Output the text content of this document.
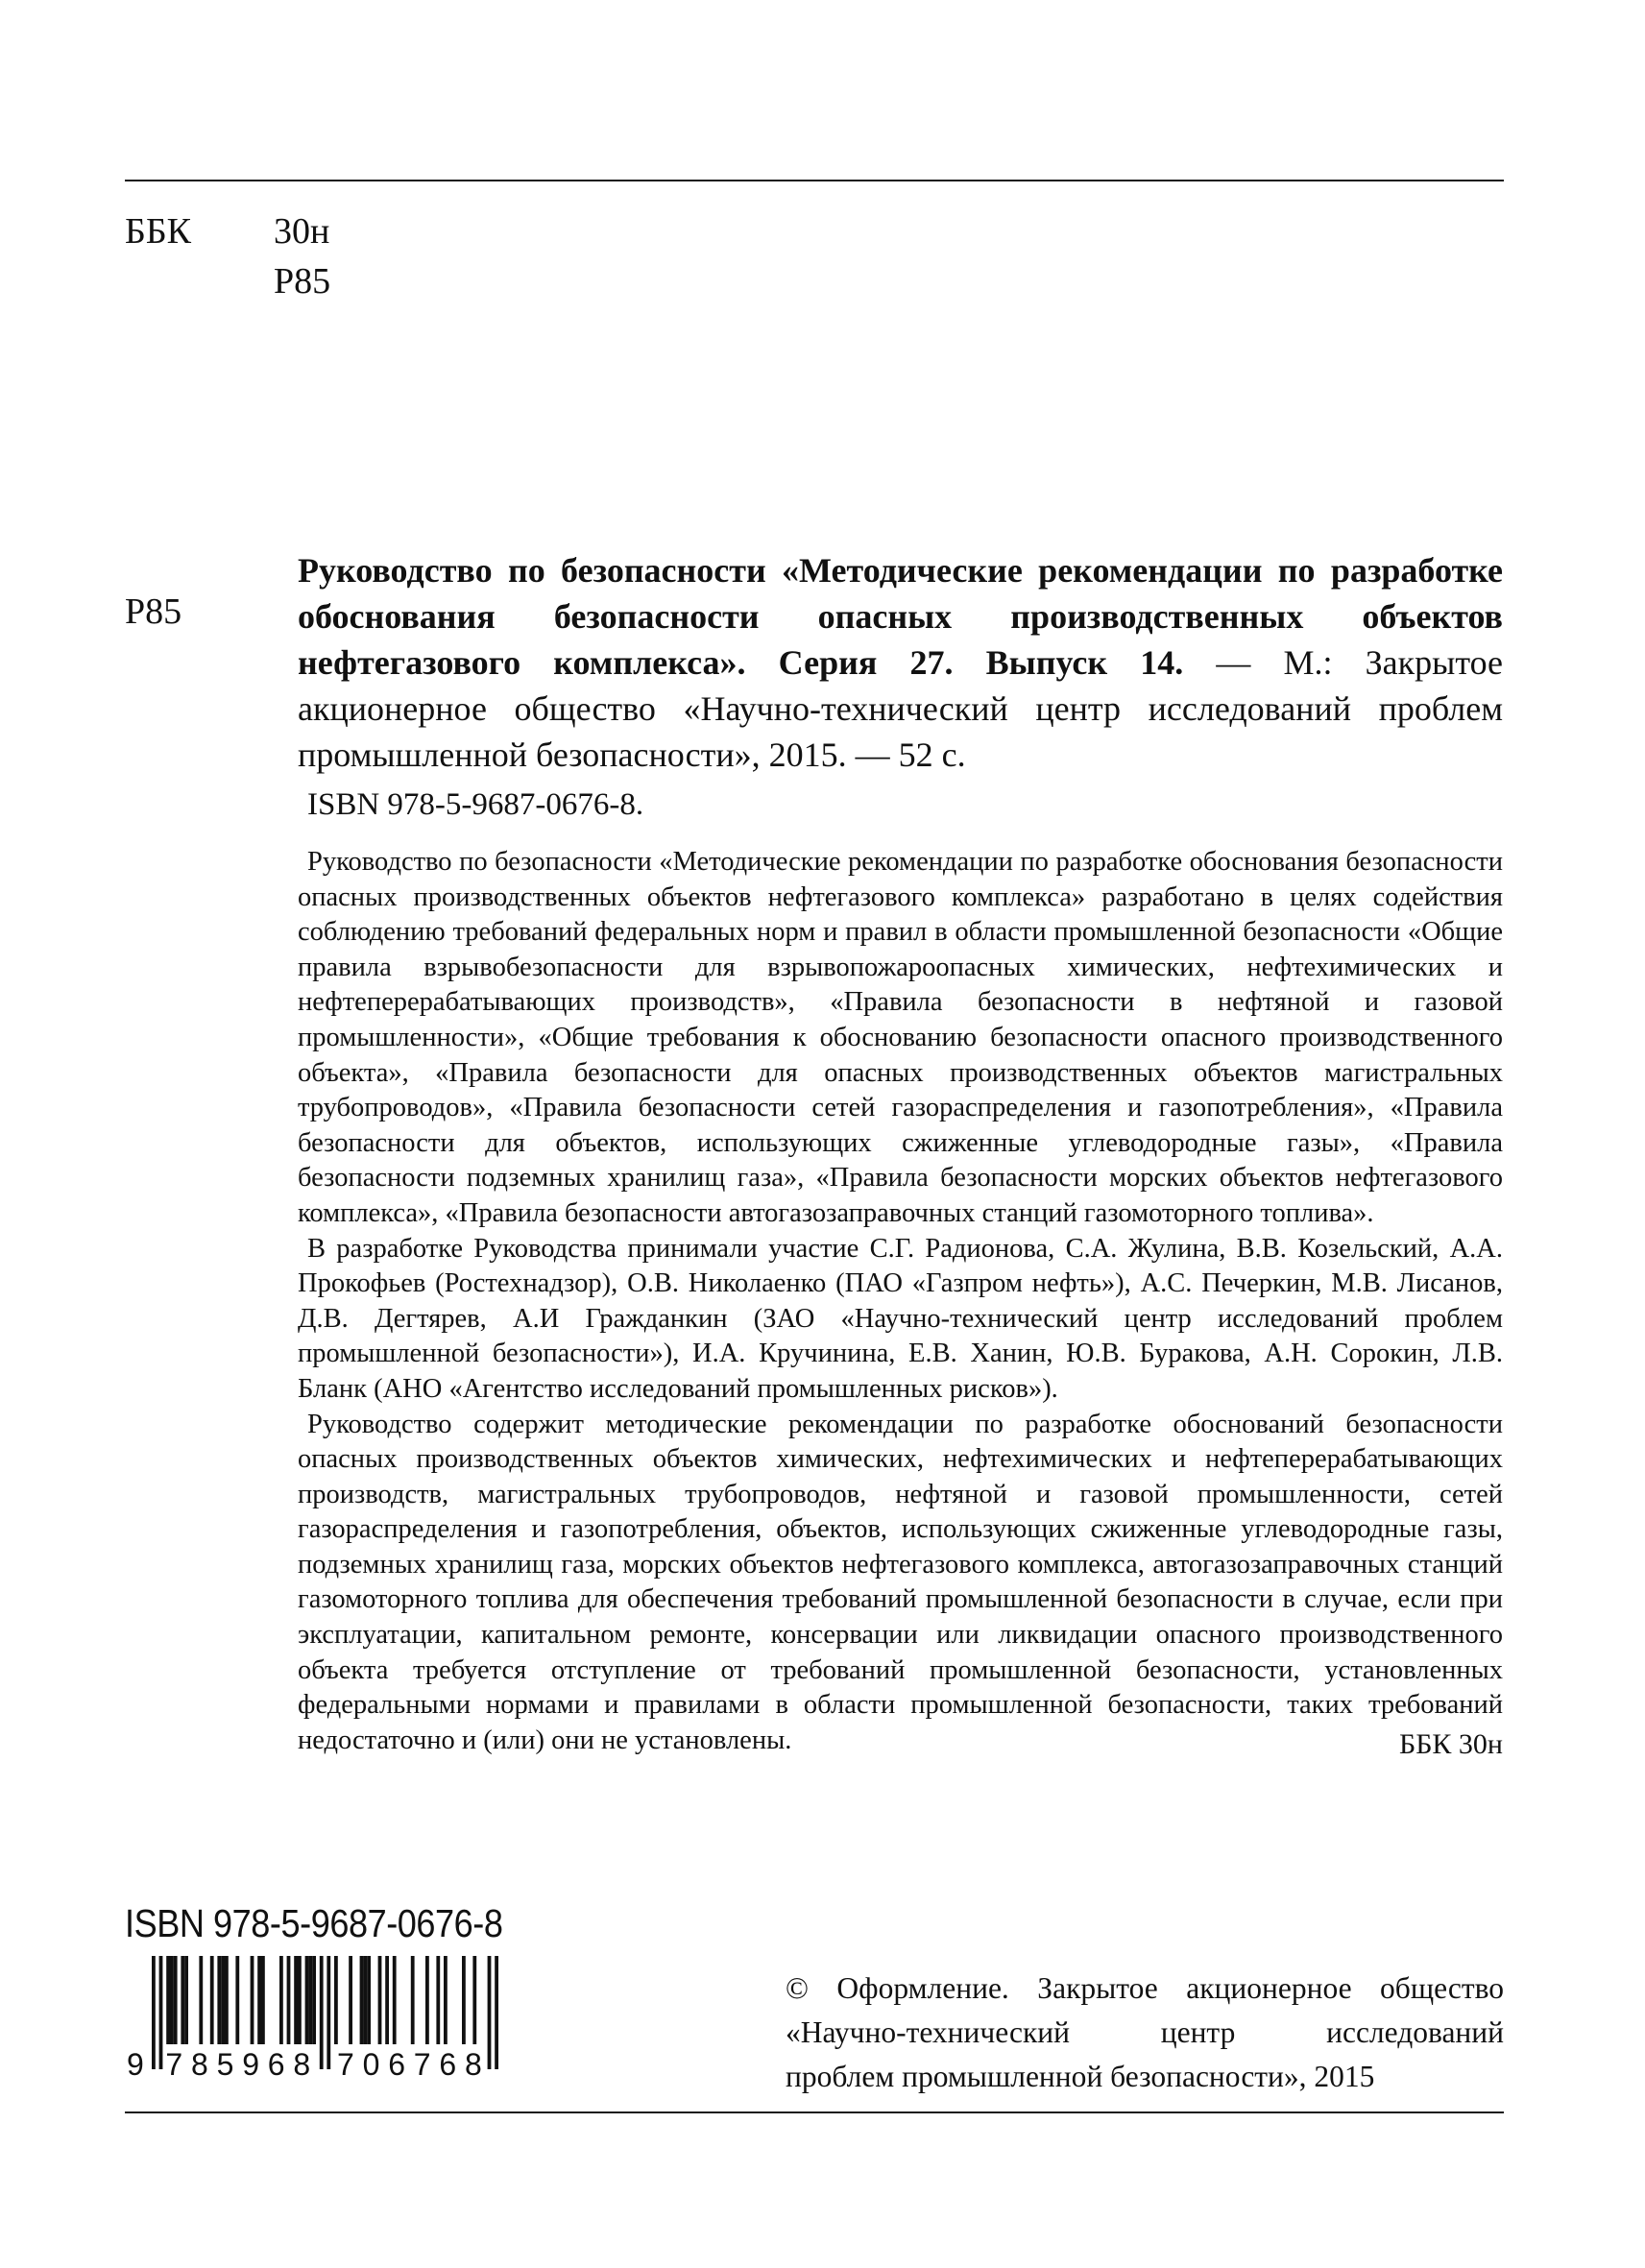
ББК 30н
Р85
Р85
Руководство по безопасности «Методические рекомендации по разработке обоснования безопасности опасных производственных объектов нефтегазового комплекса». Серия 27. Выпуск 14. — М.: Закрытое акционерное общество «Научно-технический центр исследований проблем промышленной безопасности», 2015. — 52 с.
ISBN 978-5-9687-0676-8.

Руководство по безопасности «Методические рекомендации по разработке обоснования безопасности опасных производственных объектов нефтегазового комплекса» разработано в целях содействия соблюдению требований федеральных норм и правил в области промышленной безопасности «Общие правила взрывобезопасности для взрывопожароопасных химических, нефтехимических и нефтеперерабатывающих производств», «Правила безопасности в нефтяной и газовой промышленности», «Общие требования к обоснованию безопасности опасного производственного объекта», «Правила безопасности для опасных производственных объектов магистральных трубопроводов», «Правила безопасности сетей газораспределения и газопотребления», «Правила безопасности для объектов, использующих сжиженные углеводородные газы», «Правила безопасности подземных хранилищ газа», «Правила безопасности морских объектов нефтегазового комплекса», «Правила безопасности автогазозаправочных станций газомоторного топлива».

В разработке Руководства принимали участие С.Г. Радионова, С.А. Жулина, В.В. Козельский, А.А. Прокофьев (Ростехнадзор), О.В. Николаенко (ПАО «Газпром нефть»), А.С. Печеркин, М.В. Лисанов, Д.В. Дегтярев, А.И Гражданкин (ЗАО «Научно-технический центр исследований проблем промышленной безопасности»), И.А. Кручинина, Е.В. Ханин, Ю.В. Буракова, А.Н. Сорокин, Л.В. Бланк (АНО «Агентство исследований промышленных рисков»).

Руководство содержит методические рекомендации по разработке обоснований безопасности опасных производственных объектов химических, нефтехимических и нефтеперерабатывающих производств, магистральных трубопроводов, нефтяной и газовой промышленности, сетей газораспределения и газопотребления, объектов, использующих сжиженные углеводородные газы, подземных хранилищ газа, морских объектов нефтегазового комплекса, автогазозаправочных станций газомоторного топлива для обеспечения требований промышленной безопасности в случае, если при эксплуатации, капитальном ремонте, консервации или ликвидации опасного производственного объекта требуется отступление от требований промышленной безопасности, установленных федеральными нормами и правилами в области промышленной безопасности, таких требований недостаточно и (или) они не установлены.	ББК 30н
ISBN 978-5-9687-0676-8
9 7 8 5 9 6 8 7 0 6 7 6 8
© Оформление. Закрытое акционерное общество
«Научно-технический центр исследований
проблем промышленной безопасности», 2015
